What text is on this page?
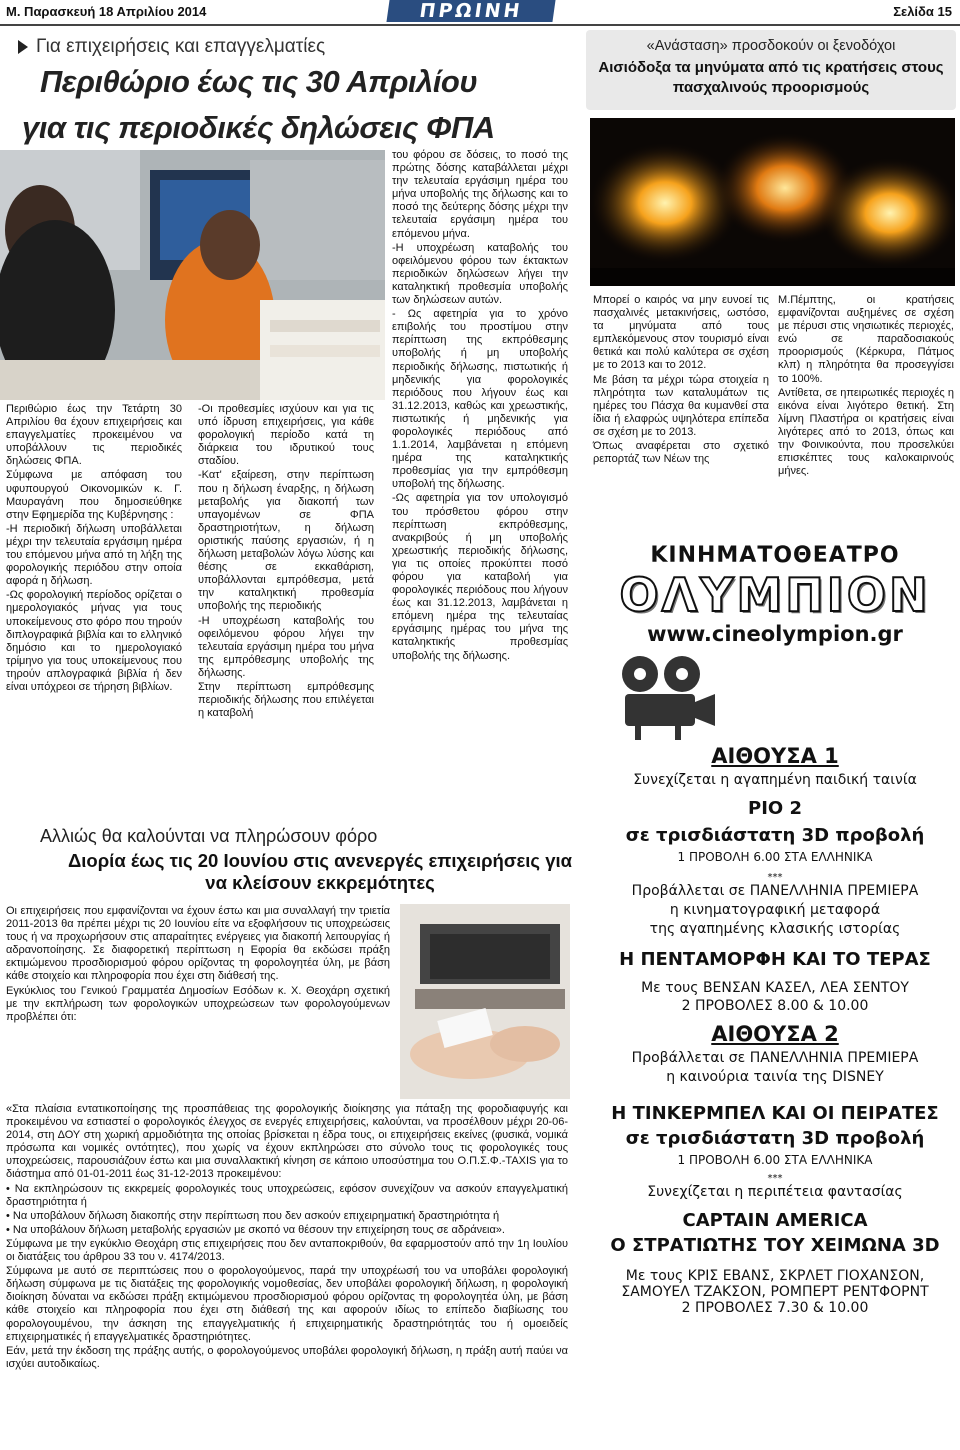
Μ. Παρασκευή 18 Απριλίου 2014	ΠΡΩΙΝΗ	Σελίδα 15
Για επιχειρήσεις και επαγγελματίες
Περιθώριο έως τις 30 Απριλίου
για τις περιοδικές δηλώσεις ΦΠΑ

Περιθώριο έως την Τετάρτη 30 Απριλίου θα έχουν επιχειρήσεις και επαγγελματίες προκειμένου να υποβάλλουν τις περιοδικές δηλώσεις ΦΠΑ.

Σύμφωνα με απόφαση του υφυπουργού Οικονομικών κ. Γ. Μαυραγάνη που δημοσιεύθηκε στην Εφημερίδα της Κυβέρνησης :

-Η περιοδική δήλωση υποβάλλεται μέχρι την τελευταία εργάσιμη ημέρα του επόμενου μήνα από τη λήξη της φορολογικής περιόδου στην οποία αφορά η δήλωση.

-Ως φορολογική περίοδος ορίζεται ο ημερολογιακός μήνας για τους υποκείμενους στο φόρο που τηρούν διπλογραφικά βιβλία και το ελληνικό δημόσιο και το ημερολογιακό τρίμηνο για τους υποκείμενους που τηρούν απλογραφικά βιβλία ή δεν είναι υπόχρεοι σε τήρηση βιβλίων.

-Οι προθεσμίες ισχύουν και για τις υπό ίδρυση επιχειρήσεις, για κάθε φορολογική περίοδο κατά τη διάρκεια του ιδρυτικού τους σταδίου.

-Κατ' εξαίρεση, στην περίπτωση που η δήλωση έναρξης, η δήλωση μεταβολής για διακοπή των υπαγομένων σε ΦΠΑ δραστηριοτήτων, η δήλωση οριστικής παύσης εργασιών, ή η δήλωση μεταβολών λόγω λύσης και θέσης σε εκκαθάριση, υποβάλλονται εμπρόθεσμα, μετά την καταληκτική προθεσμία υποβολής της περιοδικής

-Η υποχρέωση καταβολής του οφειλόμενου φόρου λήγει την τελευταία εργάσιμη ημέρα του μήνα της εμπρόθεσμης υποβολής της δήλωσης.

Στην περίπτωση εμπρόθεσμης περιοδικής δήλωσης που επιλέγεται η καταβολή

του φόρου σε δόσεις, το ποσό της πρώτης δόσης καταβάλλεται μέχρι την τελευταία εργάσιμη ημέρα του μήνα υποβολής της δήλωσης και το ποσό της δεύτερης δόσης μέχρι την τελευταία εργάσιμη ημέρα του επόμενου μήνα.

-Η υποχρέωση καταβολής του οφειλόμενου φόρου των έκτακτων περιοδικών δηλώσεων λήγει την καταληκτική προθεσμία υποβολής των δηλώσεων αυτών.

- Ως αφετηρία για το χρόνο επιβολής του προστίμου στην περίπτωση της εκπρόθεσμης υποβολής ή μη υποβολής περιοδικής δήλωσης, πιστωτικής ή μηδενικής για φορολογικές περιόδους που λήγουν έως και 31.12.2013, καθώς και χρεωστικής, πιστωτικής ή μηδενικής για φορολογικές περιόδους από 1.1.2014, λαμβάνεται η επόμενη ημέρα της καταληκτικής προθεσμίας για την εμπρόθεσμη υποβολή της δήλωσης.

-Ως αφετηρία για τον υπολογισμό του πρόσθετου φόρου στην περίπτωση εκπρόθεσμης, ανακριβούς ή μη υποβολής χρεωστικής περιοδικής δήλωσης, για τις οποίες προκύπτει ποσό φόρου για καταβολή για φορολογικές περιόδους που λήγουν έως και 31.12.2013, λαμβάνεται η επόμενη ημέρα της τελευταίας εργάσιμης ημέρας του μήνα της καταληκτικής προθεσμίας υποβολής της δήλωσης.

Αλλιώς θα καλούνται να πληρώσουν φόρο
Διορία έως τις 20 Ιουνίου στις ανενεργές επιχειρήσεις για να κλείσουν εκκρεμότητες

Οι επιχειρήσεις που εμφανίζονται να έχουν έστω και μια συναλλαγή την τριετία 2011-2013 θα πρέπει μέχρι τις 20 Ιουνίου είτε να εξοφλήσουν τις υποχρεώσεις τους ή να προχωρήσουν στις απαραίτητες ενέργειες για διακοπή λειτουργίας ή αδρανοποίησης. Σε διαφορετική περίπτωση η Εφορία θα εκδώσει πράξη εκτιμώμενου προσδιορισμού φόρου ορίζοντας τη φορολογητέα ύλη, με βάση κάθε στοιχείο και πληροφορία που έχει στη διάθεσή της.

Εγκύκλιος του Γενικού Γραμματέα Δημοσίων Εσόδων κ. Χ. Θεοχάρη σχετική με την εκπλήρωση των φορολογικών υποχρεώσεων των φορολογούμενων προβλέπει ότι:

«Στα πλαίσια εντατικοποίησης της προσπάθειας της φορολογικής διοίκησης για πάταξη της φοροδιαφυγής και προκειμένου να εστιαστεί ο φορολογικός έλεγχος σε ενεργές επιχειρήσεις, καλούνται, να προσέλθουν μέχρι 20-06-2014, στη ΔΟΥ στη χωρική αρμοδιότητα της οποίας βρίσκεται η έδρα τους, οι επιχειρήσεις εκείνες (φυσικά, νομικά πρόσωπα και νομικές οντότητες), που χωρίς να έχουν εκπληρώσει στο σύνολο τους τις φορολογικές τους υποχρεώσεις, παρουσιάζουν έστω και μια συναλλακτική κίνηση σε κάποιο υποσύστημα του Ο.Π.Σ.Φ.-TAXIS για το διάστημα από 01-01-2011 έως 31-12-2013 προκειμένου:

• Να εκπληρώσουν τις εκκρεμείς φορολογικές τους υποχρεώσεις, εφόσον συνεχίζουν να ασκούν επαγγελματική δραστηριότητα ή

• Να υποβάλουν δήλωση διακοπής στην περίπτωση που δεν ασκούν επιχειρηματική δραστηριότητα ή

• Να υποβάλουν δήλωση μεταβολής εργασιών με σκοπό να θέσουν την επιχείρηση τους σε αδράνεια».

Σύμφωνα με την εγκύκλιο Θεοχάρη στις επιχειρήσεις που δεν ανταποκριθούν, θα εφαρμοστούν από την 1η Ιουλίου οι διατάξεις του άρθρου 33 του ν. 4174/2013.

Σύμφωνα με αυτό σε περιπτώσεις που ο φορολογούμενος, παρά την υποχρέωσή του να υποβάλει φορολογική δήλωση σύμφωνα με τις διατάξεις της φορολογικής νομοθεσίας, δεν υποβάλει φορολογική δήλωση, η φορολογική διοίκηση δύναται να εκδώσει πράξη εκτιμώμενου προσδιορισμού φόρου ορίζοντας τη φορολογητέα ύλη, με βάση κάθε στοιχείο και πληροφορία που έχει στη διάθεσή της και αφορούν ιδίως το επίπεδο διαβίωσης του φορολογουμένου, την άσκηση της επαγγελματικής ή επιχειρηματικής δραστηριότητάς του ή ομοειδείς επιχειρηματικές ή επαγγελματικές δραστηριότητες.

Εάν, μετά την έκδοση της πράξης αυτής, ο φορολογούμενος υποβάλει φορολογική δήλωση, η πράξη αυτή παύει να ισχύει αυτοδικαίως.

«Ανάσταση» προσδοκούν οι ξενοδόχοι
Αισιόδοξα τα μηνύματα από τις κρατήσεις στους πασχαλινούς προορισμούς

Μπορεί ο καιρός να μην ευνοεί τις πασχαλινές μετακινήσεις, ωστόσο, τα μηνύματα από τους εμπλεκόμενους στον τουρισμό είναι θετικά και πολύ καλύτερα σε σχέση με το 2013 και το 2012.

Με βάση τα μέχρι τώρα στοιχεία η πληρότητα των καταλυμάτων τις ημέρες του Πάσχα θα κυμανθεί στα ίδια ή ελαφρώς υψηλότερα επίπεδα σε σχέση με το 2013.

Όπως αναφέρεται στο σχετικό ρεπορτάζ των Νέων της

Μ.Πέμπτης, οι κρατήσεις εμφανίζονται αυξημένες σε σχέση με πέρυσι στις νησιωτικές περιοχές, ενώ σε παραδοσιακούς προορισμούς (Κέρκυρα, Πάτμος κλπ) η πληρότητα θα προσεγγίσει το 100%.

Αντίθετα, σε ηπειρωτικές περιοχές η εικόνα είναι λιγότερο θετική. Στη λίμνη Πλαστήρα οι κρατήσεις είναι λιγότερες από το 2013, όπως και την Φοινικούντα, που προσελκύει επισκέπτες τους καλοκαιρινούς μήνες.

ΚΙΝΗΜΑΤΟΘΕΑΤΡΟ
ΟΛΥΜΠΙΟΝ
www.cineolympion.gr
ΑΙΘΟΥΣΑ 1
Συνεχίζεται η αγαπημένη παιδική ταινία
ΡΙΟ 2
σε τρισδιάστατη 3D προβολή
1 ΠΡΟΒΟΛΗ 6.00 ΣΤΑ ΕΛΛΗΝΙΚΑ
***
Προβάλλεται σε ΠΑΝΕΛΛΗΝΙΑ ΠΡΕΜΙΕΡΑ
η κινηματογραφική μεταφορά
της αγαπημένης κλασικής ιστορίας
Η ΠΕΝΤΑΜΟΡΦΗ ΚΑΙ ΤΟ ΤΕΡΑΣ
Με τους ΒΕΝΣΑΝ ΚΑΣΕΛ, ΛΕΑ ΣΕΝΤΟΥ
2 ΠΡΟΒΟΛΕΣ 8.00 & 10.00
ΑΙΘΟΥΣΑ 2
Προβάλλεται σε ΠΑΝΕΛΛΗΝΙΑ ΠΡΕΜΙΕΡΑ
η καινούρια ταινία της DISNEY
Η ΤΙΝΚΕΡΜΠΕΛ ΚΑΙ ΟΙ ΠΕΙΡΑΤΕΣ
σε τρισδιάστατη 3D προβολή
1 ΠΡΟΒΟΛΗ 6.00 ΣΤΑ ΕΛΛΗΝΙΚΑ
***
Συνεχίζεται η περιπέτεια φαντασίας
CAPTAIN AMERICA
Ο ΣΤΡΑΤΙΩΤΗΣ ΤΟΥ ΧΕΙΜΩΝΑ 3D
Με τους ΚΡΙΣ ΕΒΑΝΣ, ΣΚΡΛΕΤ ΓΙΟΧΑΝΣΟΝ,
ΣΑΜΟΥΕΛ ΤΖΑΚΣΟΝ, ΡΟΜΠΕΡΤ ΡΕΝΤΦΟΡΝΤ
2 ΠΡΟΒΟΛΕΣ 7.30 & 10.00
